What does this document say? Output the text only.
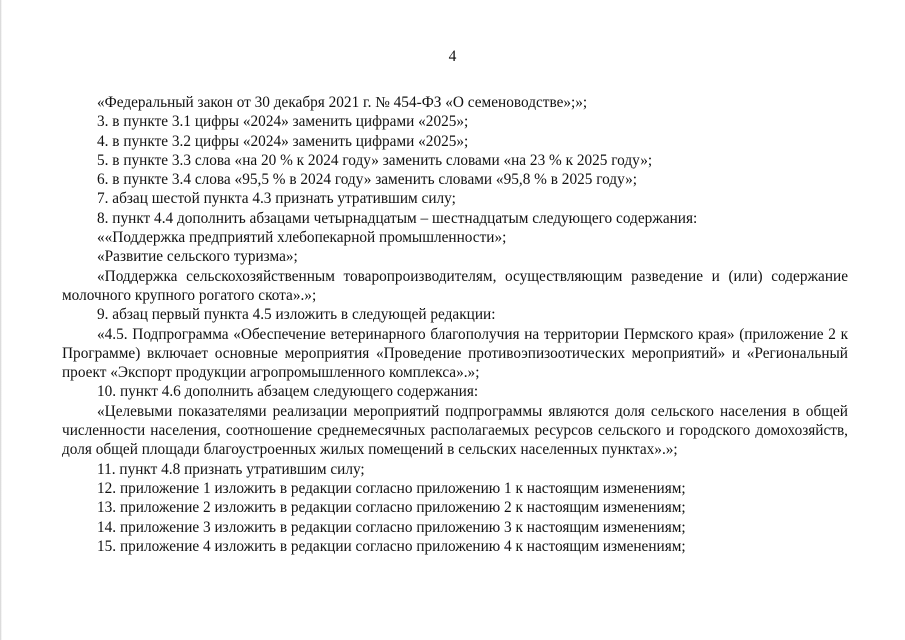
4

«Федеральный закон от 30 декабря 2021 г. № 454-ФЗ «О семеноводстве»;»;

3. в пункте 3.1 цифры «2024» заменить цифрами «2025»;

4. в пункте 3.2 цифры «2024» заменить цифрами «2025»;

5. в пункте 3.3 слова «на 20 % к 2024 году» заменить словами «на 23 % к 2025 году»;

6. в пункте 3.4 слова «95,5 % в 2024 году» заменить словами «95,8 % в 2025 году»;

7. абзац шестой пункта 4.3 признать утратившим силу;

8. пункт 4.4 дополнить абзацами четырнадцатым – шестнадцатым следующего содержания:

««Поддержка предприятий хлебопекарной промышленности»;

«Развитие сельского туризма»;

«Поддержка сельскохозяйственным товаропроизводителям, осуществляющим разведение и (или) содержание молочного крупного рогатого скота».»;

9. абзац первый пункта 4.5 изложить в следующей редакции:

«4.5. Подпрограмма «Обеспечение ветеринарного благополучия на территории Пермского края» (приложение 2 к Программе) включает основные мероприятия «Проведение противоэпизоотических мероприятий» и «Региональный проект «Экспорт продукции агропромышленного комплекса».»;

10. пункт 4.6 дополнить абзацем следующего содержания:

«Целевыми показателями реализации мероприятий подпрограммы являются доля сельского населения в общей численности населения, соотношение среднемесячных располагаемых ресурсов сельского и городского домохозяйств, доля общей площади благоустроенных жилых помещений в сельских населенных пунктах».»;

11. пункт 4.8 признать утратившим силу;

12. приложение 1 изложить в редакции согласно приложению 1 к настоящим изменениям;

13. приложение 2 изложить в редакции согласно приложению 2 к настоящим изменениям;

14. приложение 3 изложить в редакции согласно приложению 3 к настоящим изменениям;

15. приложение 4 изложить в редакции согласно приложению 4 к настоящим изменениям;
